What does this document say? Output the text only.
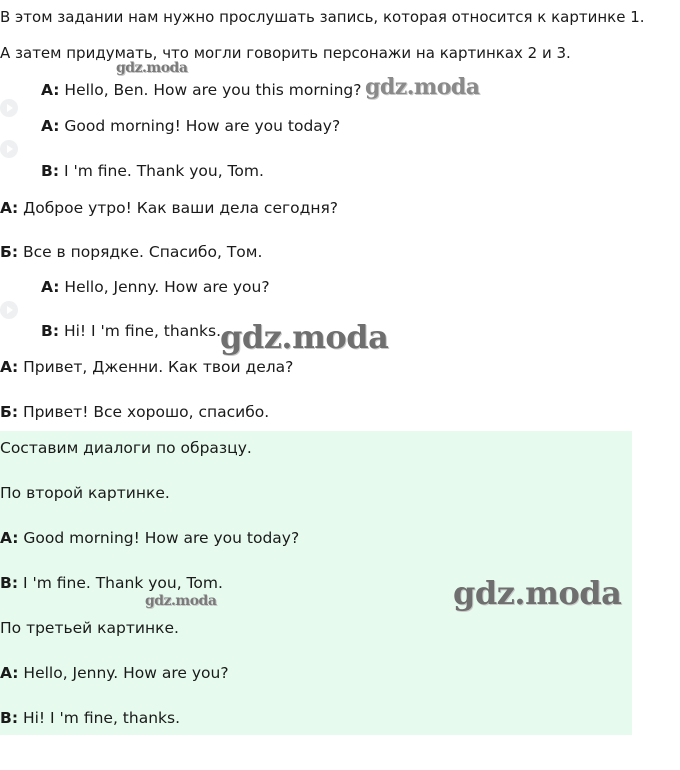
В этом задании нам нужно прослушать запись, которая относится к картинке 1.
А затем придумать, что могли говорить персонажи на картинках 2 и 3.
A: Hello, Ben. How are you this morning?
A: Good morning! How are you today?
B: I 'm fine. Thank you, Tom.
А: Доброе утро! Как ваши дела сегодня?
Б: Все в порядке. Спасибо, Том.
A: Hello, Jenny. How are you?
B: Hi! I 'm fine, thanks.
А: Привет, Дженни. Как твои дела?
Б: Привет! Все хорошо, спасибо.
Составим диалоги по образцу.
По второй картинке.
A: Good morning! How are you today?
B: I 'm fine. Thank you, Tom.
По третьей картинке.
A: Hello, Jenny. How are you?
B: Hi! I 'm fine, thanks.
gdz.moda
gdz.moda
gdz.moda
gdz.moda	gdz.moda
